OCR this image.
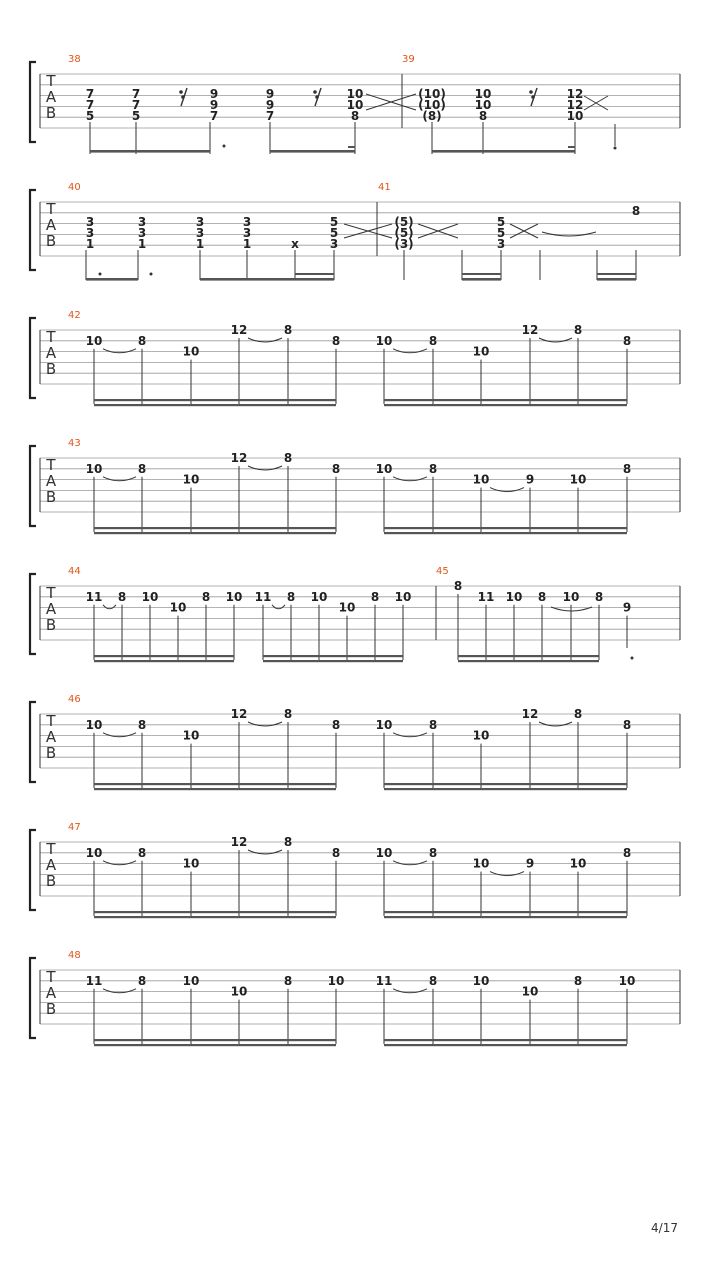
T
A
B
T
A
B
T
A
B
T
A
B
T
A
B
T
A
B
T
A
B
T
A
B
38	39
7
7
5
7
7
5
9
9
7
9
9
7
10
10
8
(10)
(10)
(8)
10
10
8
12
12
10
40	41
3
3
1
3
3
1
3
3
1
3
3
1	x
5
5
3
(5)
(5)
(3)
5
5
3
8
42
10	8
10
12	8
8	10	8
10
12	8
8
46
10	8
10
12	8
8	10	8
10
12	8
8
43
10	8
10
12	8
8	10	8
10	9	10
8
47
10	8
10
12	8
8	10	8
10	9	10
8
48
11	8	10
10
8	10	11	8	10
10
8	10
44	45
11 8 10
10
8 10 11 8 10
10
8 10
8
11 10 8 10 8
9
4/17
